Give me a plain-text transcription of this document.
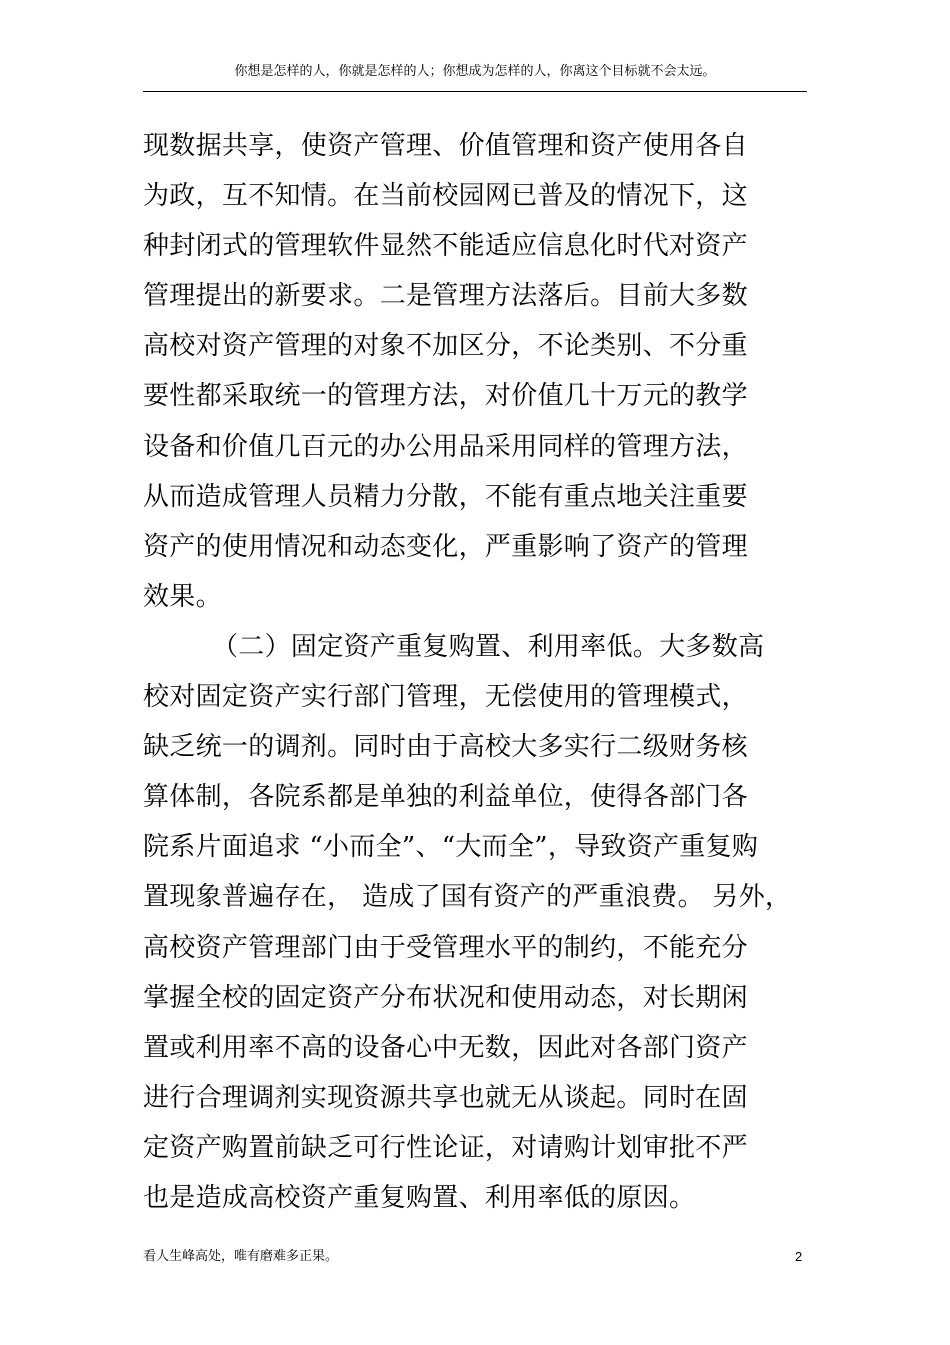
你想是怎样的人，你就是怎样的人；你想成为怎样的人，你离这个目标就不会太远。
现数据共享，使资产管理、价值管理和资产使用各自
为政，互不知情。在当前校园网已普及的情况下，这
种封闭式的管理软件显然不能适应信息化时代对资产
管理提出的新要求。二是管理方法落后。目前大多数
高校对资产管理的对象不加区分，不论类别、不分重
要性都采取统一的管理方法，对价值几十万元的教学
设备和价值几百元的办公用品采用同样的管理方法，
从而造成管理人员精力分散，不能有重点地关注重要
资产的使用情况和动态变化，严重影响了资产的管理
效果。
（二）固定资产重复购置、利用率低。大多数高
校对固定资产实行部门管理，无偿使用的管理模式，
缺乏统一的调剂。同时由于高校大多实行二级财务核
算体制，各院系都是单独的利益单位，使得各部门各
院系片面追求 “小而全”、“大而全”，导致资产重复购
置现象普遍存在， 造成了国有资产的严重浪费。 另外，
高校资产管理部门由于受管理水平的制约，不能充分
掌握全校的固定资产分布状况和使用动态，对长期闲
置或利用率不高的设备心中无数，因此对各部门资产
进行合理调剂实现资源共享也就无从谈起。同时在固
定资产购置前缺乏可行性论证，对请购计划审批不严
也是造成高校资产重复购置、利用率低的原因。
看人生峰高处，唯有磨难多正果。	2
